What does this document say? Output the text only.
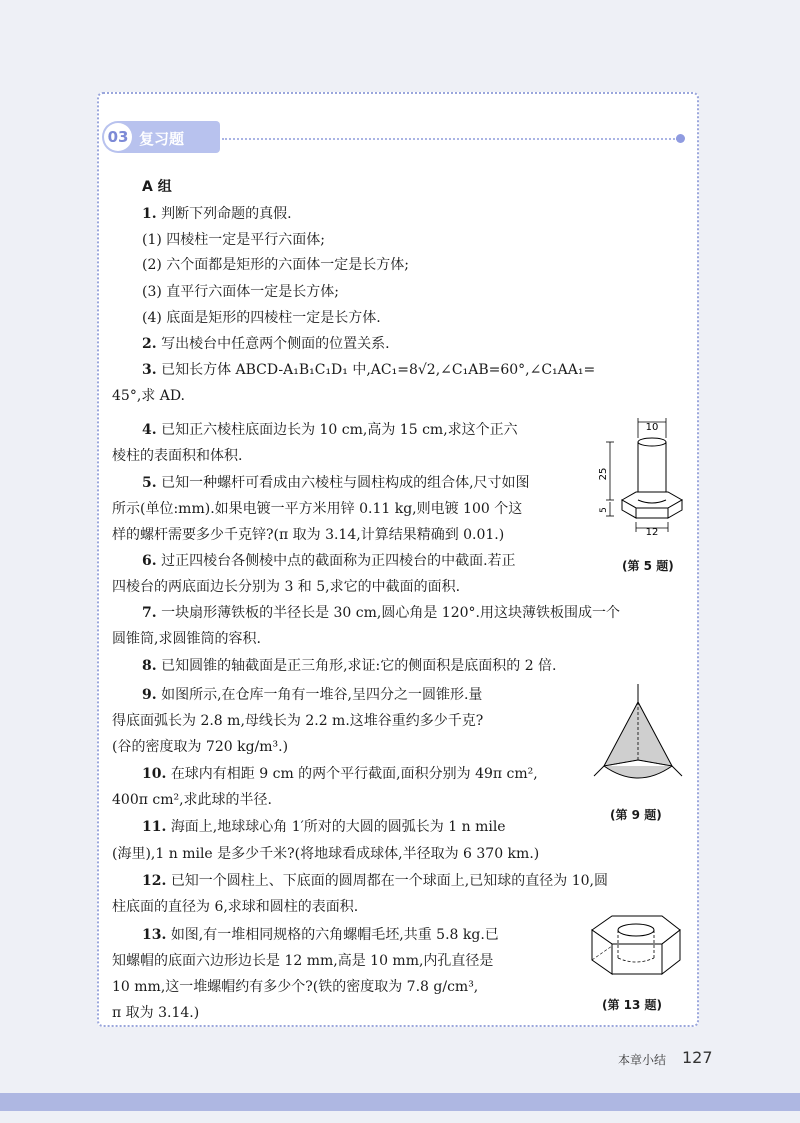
03 复习题
A 组
1. 判断下列命题的真假.
(1) 四棱柱一定是平行六面体;
(2) 六个面都是矩形的六面体一定是长方体;
(3) 直平行六面体一定是长方体;
(4) 底面是矩形的四棱柱一定是长方体.
2. 写出棱台中任意两个侧面的位置关系.
3. 已知长方体 ABCD-A₁B₁C₁D₁ 中,AC₁=8√2,∠C₁AB=60°,∠C₁AA₁=
45°,求 AD.
4. 已知正六棱柱底面边长为 10 cm,高为 15 cm,求这个正六
棱柱的表面积和体积.
5. 已知一种螺杆可看成由六棱柱与圆柱构成的组合体,尺寸如图
所示(单位:mm).如果电镀一平方米用锌 0.11 kg,则电镀 100 个这
样的螺杆需要多少千克锌?(π 取为 3.14,计算结果精确到 0.01.)
6. 过正四棱台各侧棱中点的截面称为正四棱台的中截面.若正
四棱台的两底面边长分别为 3 和 5,求它的中截面的面积.
7. 一块扇形薄铁板的半径长是 30 cm,圆心角是 120°.用这块薄铁板围成一个
圆锥筒,求圆锥筒的容积.
8. 已知圆锥的轴截面是正三角形,求证:它的侧面积是底面积的 2 倍.
9. 如图所示,在仓库一角有一堆谷,呈四分之一圆锥形.量
得底面弧长为 2.8 m,母线长为 2.2 m.这堆谷重约多少千克?
(谷的密度取为 720 kg/m³.)
10. 在球内有相距 9 cm 的两个平行截面,面积分别为 49π cm²,
400π cm²,求此球的半径.
11. 海面上,地球球心角 1′所对的大圆的圆弧长为 1 n mile
(海里),1 n mile 是多少千米?(将地球看成球体,半径取为 6 370 km.)
12. 已知一个圆柱上、下底面的圆周都在一个球面上,已知球的直径为 10,圆
柱底面的直径为 6,求球和圆柱的表面积.
13. 如图,有一堆相同规格的六角螺帽毛坯,共重 5.8 kg.已
知螺帽的底面六边形边长是 12 mm,高是 10 mm,内孔直径是
10 mm,这一堆螺帽约有多少个?(铁的密度取为 7.8 g/cm³,
π 取为 3.14.)
10
25
5
12
(第 5 题)
(第 9 题)
(第 13 题)
本章小结 127
